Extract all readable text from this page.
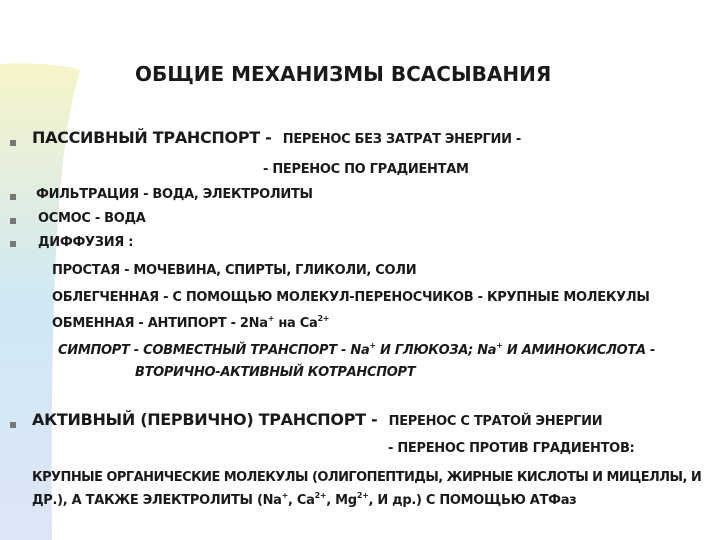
ОБЩИЕ МЕХАНИЗМЫ ВСАСЫВАНИЯ
ПАССИВНЫЙ ТРАНСПОРТ - ПЕРЕНОС БЕЗ ЗАТРАТ ЭНЕРГИИ -
- ПЕРЕНОС ПО ГРАДИЕНТАМ
ФИЛЬТРАЦИЯ - ВОДА, ЭЛЕКТРОЛИТЫ
ОСМОС - ВОДА
ДИФФУЗИЯ :
ПРОСТАЯ - МОЧЕВИНА, СПИРТЫ, ГЛИКОЛИ, СОЛИ
ОБЛЕГЧЕННАЯ - С ПОМОЩЬЮ МОЛЕКУЛ-ПЕРЕНОСЧИКОВ - КРУПНЫЕ МОЛЕКУЛЫ
ОБМЕННАЯ - АНТИПОРТ - 2Na+ на $Ca^{2+}$
СИМПОРТ - СОВМЕСТНЫЙ ТРАНСПОРТ - Na+ И ГЛЮКОЗА; Na+ И АМИНОКИСЛОТА -
ВТОРИЧНО-АКТИВНЫЙ КОТРАНСПОРТ
АКТИВНЫЙ (ПЕРВИЧНО) ТРАНСПОРТ - ПЕРЕНОС С ТРАТОЙ ЭНЕРГИИ
- ПЕРЕНОС ПРОТИВ ГРАДИЕНТОВ:
КРУПНЫЕ ОРГАНИЧЕСКИЕ МОЛЕКУЛЫ (ОЛИГОПЕПТИДЫ, ЖИРНЫЕ КИСЛОТЫ И МИЦЕЛЛЫ, И
ДР.), А ТАКЖЕ ЭЛЕКТРОЛИТЫ (Na+, $Ca^{2+}$, $Mg^{2+}$, И др.) С ПОМОЩЬЮ АТФаз
